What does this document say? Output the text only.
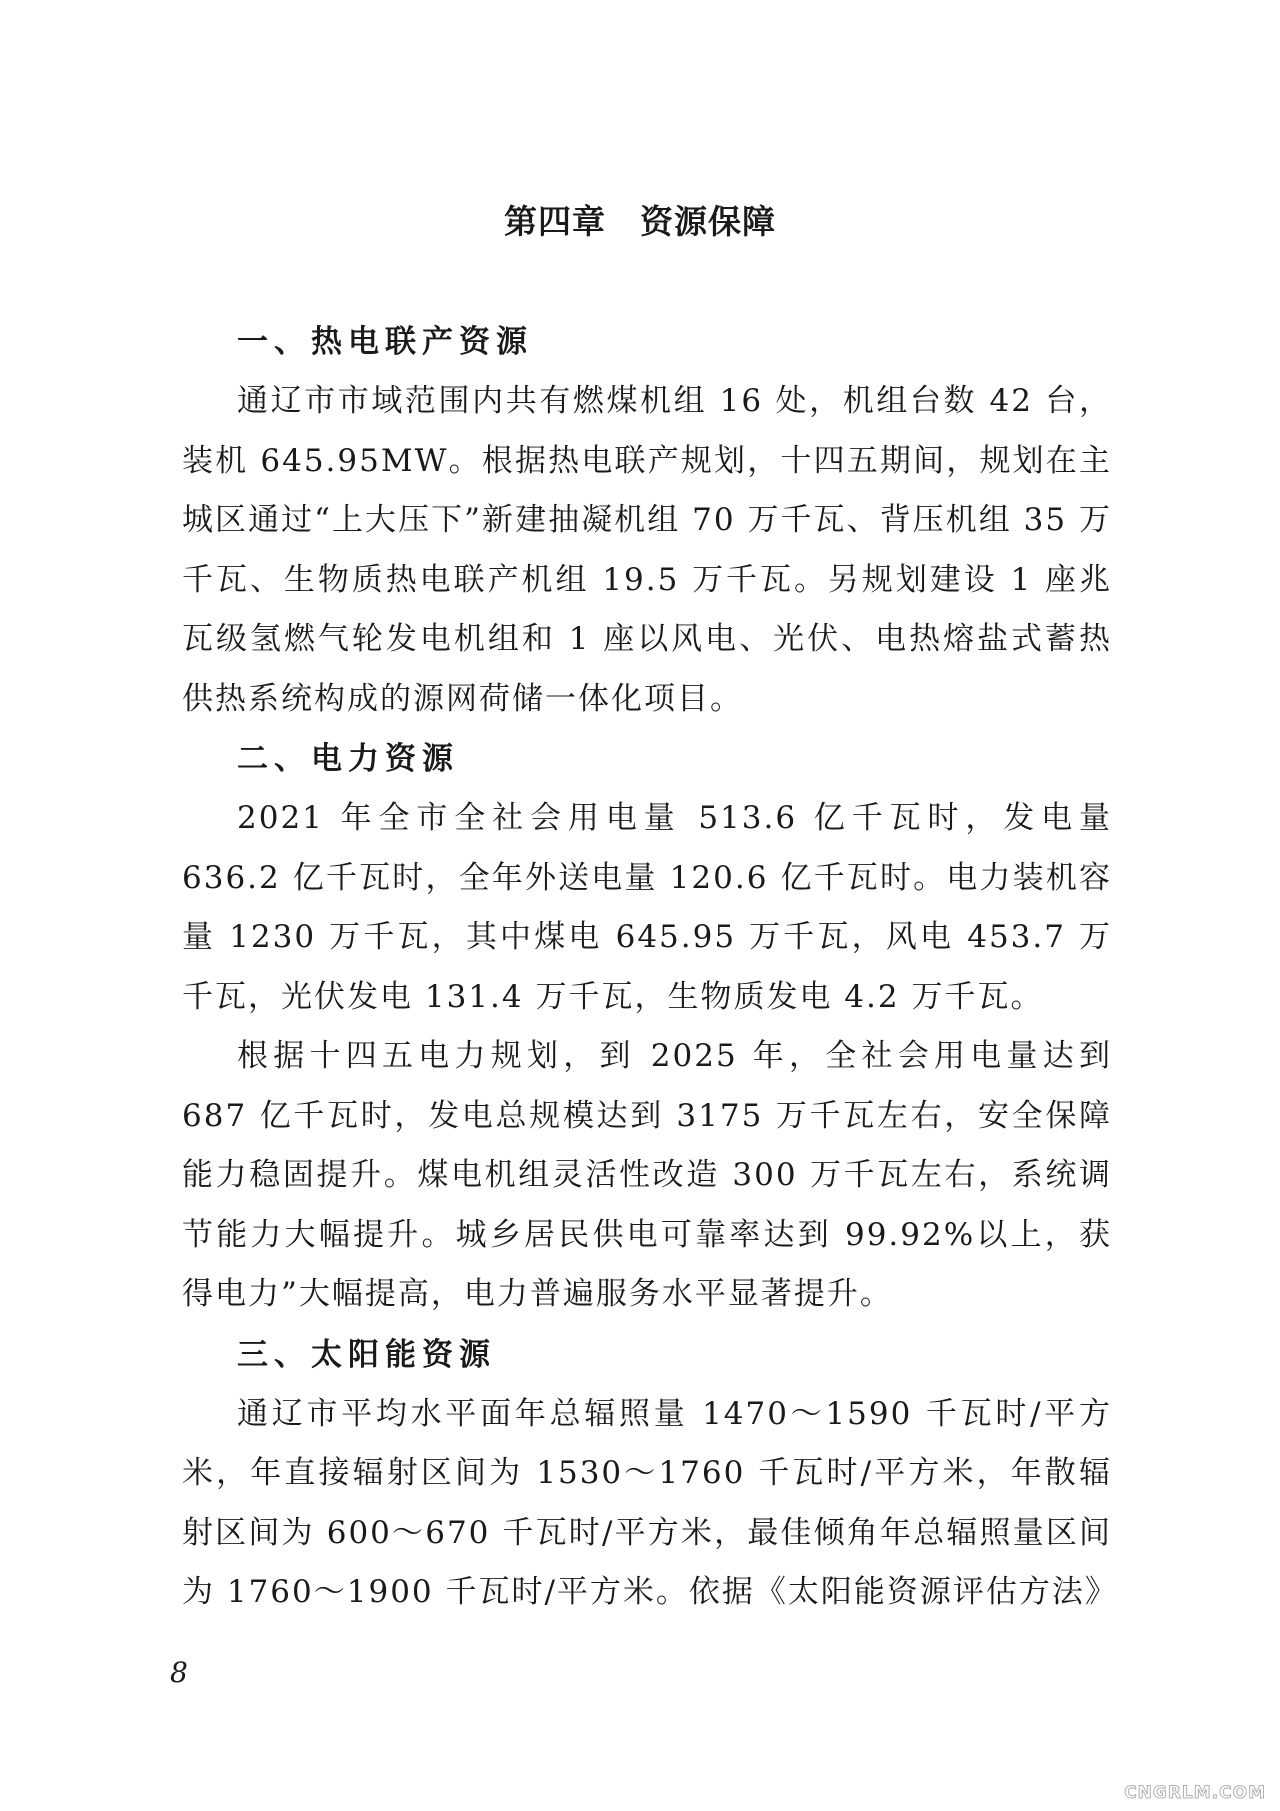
第四章　资源保障
一、热电联产资源

通辽市市域范围内共有燃煤机组 16 处，机组台数 42 台，装机 645.95MW。根据热电联产规划，十四五期间，规划在主城区通过“上大压下”新建抽凝机组 70 万千瓦、背压机组 35 万千瓦、生物质热电联产机组 19.5 万千瓦。另规划建设 1 座兆瓦级氢燃气轮发电机组和 1 座以风电、光伏、电热熔盐式蓄热供热系统构成的源网荷储一体化项目。

二、电力资源

2021 年全市全社会用电量 513.6 亿千瓦时，发电量 636.2 亿千瓦时，全年外送电量 120.6 亿千瓦时。电力装机容量 1230 万千瓦，其中煤电 645.95 万千瓦，风电 453.7 万千瓦，光伏发电 131.4 万千瓦，生物质发电 4.2 万千瓦。

根据十四五电力规划，到 2025 年，全社会用电量达到 687 亿千瓦时，发电总规模达到 3175 万千瓦左右，安全保障能力稳固提升。煤电机组灵活性改造 300 万千瓦左右，系统调节能力大幅提升。城乡居民供电可靠率达到 99.92%以上，获得电力”大幅提高，电力普遍服务水平显著提升。

三、太阳能资源

通辽市平均水平面年总辐照量 1470～1590 千瓦时/平方米，年直接辐射区间为 1530～1760 千瓦时/平方米，年散辐射区间为 600～670 千瓦时/平方米，最佳倾角年总辐照量区间为 1760～1900 千瓦时/平方米。依据《太阳能资源评估方法》

8
CNGRLM.COM
